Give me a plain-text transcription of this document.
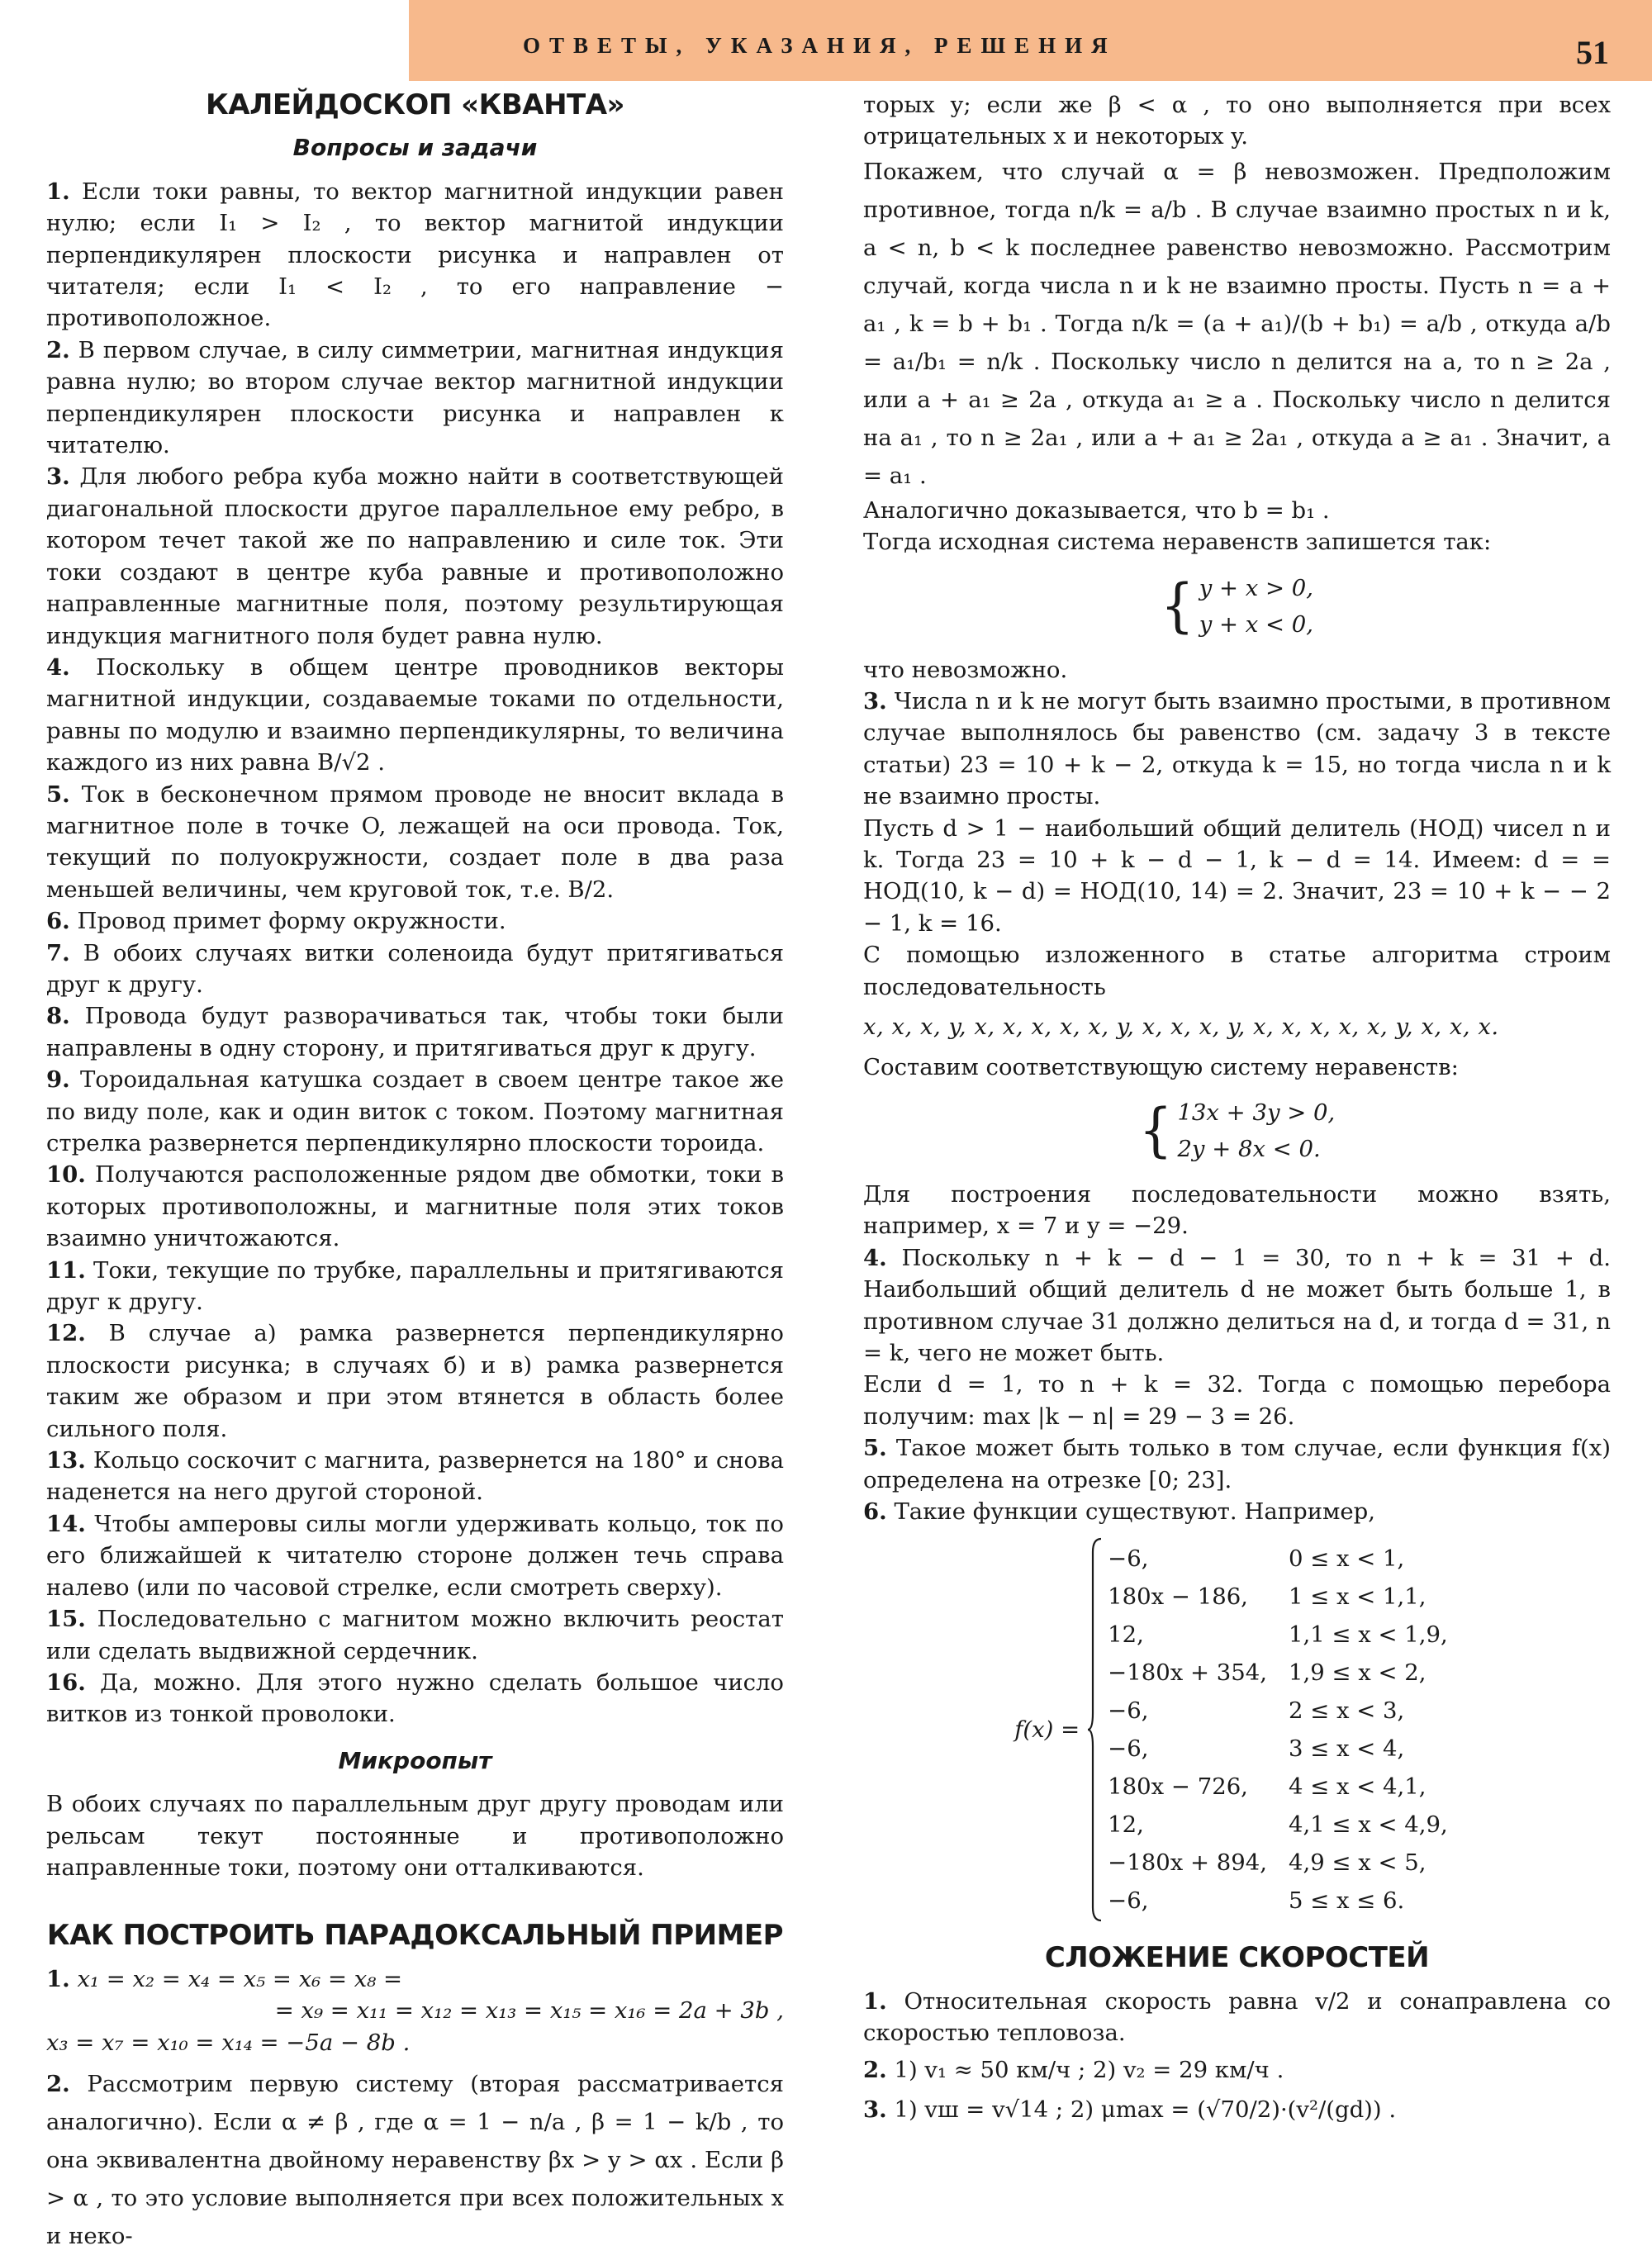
ОТВЕТЫ, УКАЗАНИЯ, РЕШЕНИЯ	51
КАЛЕЙДОСКОП «КВАНТА»
Вопросы и задачи

1. Если токи равны, то вектор магнитной индукции равен нулю; если I₁ > I₂ , то вектор магнитой индукции перпендикулярен плоскости рисунка и направлен от читателя; если I₁ < I₂ , то его направление − противоположное.

2. В первом случае, в силу симметрии, магнитная индукция равна нулю; во втором случае вектор магнитной индукции перпендикулярен плоскости рисунка и направлен к читателю.

3. Для любого ребра куба можно найти в соответствующей диагональной плоскости другое параллельное ему ребро, в котором течет такой же по направлению и силе ток. Эти токи создают в центре куба равные и противоположно направленные магнитные поля, поэтому результирующая индукция магнитного поля будет равна нулю.

4. Поскольку в общем центре проводников векторы магнитной индукции, создаваемые токами по отдельности, равны по модулю и взаимно перпендикулярны, то величина каждого из них равна B/√2 .

5. Ток в бесконечном прямом проводе не вносит вклада в магнитное поле в точке O, лежащей на оси провода. Ток, текущий по полуокружности, создает поле в два раза меньшей величины, чем круговой ток, т.е. B/2.

6. Провод примет форму окружности.

7. В обоих случаях витки соленоида будут притягиваться друг к другу.

8. Провода будут разворачиваться так, чтобы токи были направлены в одну сторону, и притягиваться друг к другу.

9. Тороидальная катушка создает в своем центре такое же по виду поле, как и один виток с током. Поэтому магнитная стрелка развернется перпендикулярно плоскости тороида.

10. Получаются расположенные рядом две обмотки, токи в которых противоположны, и магнитные поля этих токов взаимно уничтожаются.

11. Токи, текущие по трубке, параллельны и притягиваются друг к другу.

12. В случае а) рамка развернется перпендикулярно плоскости рисунка; в случаях б) и в) рамка развернется таким же образом и при этом втянется в область более сильного поля.

13. Кольцо соскочит с магнита, развернется на 180° и снова наденется на него другой стороной.

14. Чтобы амперовы силы могли удерживать кольцо, ток по его ближайшей к читателю стороне должен течь справа налево (или по часовой стрелке, если смотреть сверху).

15. Последовательно с магнитом можно включить реостат или сделать выдвижной сердечник.

16. Да, можно. Для этого нужно сделать большое число витков из тонкой проволоки.

Микроопыт

В обоих случаях по параллельным друг другу проводам или рельсам текут постоянные и противоположно направленные токи, поэтому они отталкиваются.

КАК ПОСТРОИТЬ ПАРАДОКСАЛЬНЫЙ ПРИМЕР

1. x₁ = x₂ = x₄ = x₅ = x₆ = x₈ =

= x₉ = x₁₁ = x₁₂ = x₁₃ = x₁₅ = x₁₆ = 2a + 3b ,

x₃ = x₇ = x₁₀ = x₁₄ = −5a − 8b .

2. Рассмотрим первую систему (вторая рассматривается аналогично). Если α ≠ β , где α = 1 − n/a , β = 1 − k/b , то она эквивалентна двойному неравенству βx > y > αx . Если β > α , то это условие выполняется при всех положительных x и неко-

торых y; если же β < α , то оно выполняется при всех отрицательных x и некоторых y.

Покажем, что случай α = β невозможен. Предположим противное, тогда n/k = a/b . В случае взаимно простых n и k, a < n, b < k последнее равенство невозможно. Рассмотрим случай, когда числа n и k не взаимно просты. Пусть n = a + a₁ , k = b + b₁ . Тогда n/k = (a + a₁)/(b + b₁) = a/b , откуда a/b = a₁/b₁ = n/k . Поскольку число n делится на a, то n ≥ 2a , или a + a₁ ≥ 2a , откуда a₁ ≥ a . Поскольку число n делится на a₁ , то n ≥ 2a₁ , или a + a₁ ≥ 2a₁ , откуда a ≥ a₁ . Значит, a = a₁ .

Аналогично доказывается, что b = b₁ .

Тогда исходная система неравенств запишется так:

{ y + x > 0,
y + x < 0,

что невозможно.

3. Числа n и k не могут быть взаимно простыми, в противном случае выполнялось бы равенство (см. задачу 3 в тексте статьи) 23 = 10 + k − 2, откуда k = 15, но тогда числа n и k не взаимно просты.

Пусть d > 1 − наибольший общий делитель (НОД) чисел n и k. Тогда 23 = 10 + k − d − 1, k − d = 14. Имеем: d = = НОД(10, k − d) = НОД(10, 14) = 2. Значит, 23 = 10 + k − − 2 − 1, k = 16.

С помощью изложенного в статье алгоритма строим последовательность

x, x, x, y, x, x, x, x, x, y, x, x, x, y, x, x, x, x, x, y, x, x, x.

Составим соответствующую систему неравенств:

{ 13x + 3y > 0,
2y + 8x < 0.

Для построения последовательности можно взять, например, x = 7 и y = −29.

4. Поскольку n + k − d − 1 = 30, то n + k = 31 + d. Наибольший общий делитель d не может быть больше 1, в противном случае 31 должно делиться на d, и тогда d = 31, n = k, чего не может быть.

Если d = 1, то n + k = 32. Тогда с помощью перебора получим: max |k − n| = 29 − 3 = 26.

5. Такое может быть только в том случае, если функция f(x) определена на отрезке [0; 23].

6. Такие функции существуют. Например,

f(x) =
−6,	0 ≤ x < 1,
180x − 186,	1 ≤ x < 1,1,
12,	1,1 ≤ x < 1,9,
−180x + 354,	1,9 ≤ x < 2,
−6,	2 ≤ x < 3,
−6,	3 ≤ x < 4,
180x − 726,	4 ≤ x < 4,1,
12,	4,1 ≤ x < 4,9,
−180x + 894,	4,9 ≤ x < 5,
−6,	5 ≤ x ≤ 6.
СЛОЖЕНИЕ СКОРОСТЕЙ

1. Относительная скорость равна v/2 и сонаправлена со скоростью тепловоза.

2. 1) v₁ ≈ 50 км/ч ; 2) v₂ = 29 км/ч .

3. 1) vш = v√14 ; 2) μmax = (√70/2)·(v²/(gd)) .
